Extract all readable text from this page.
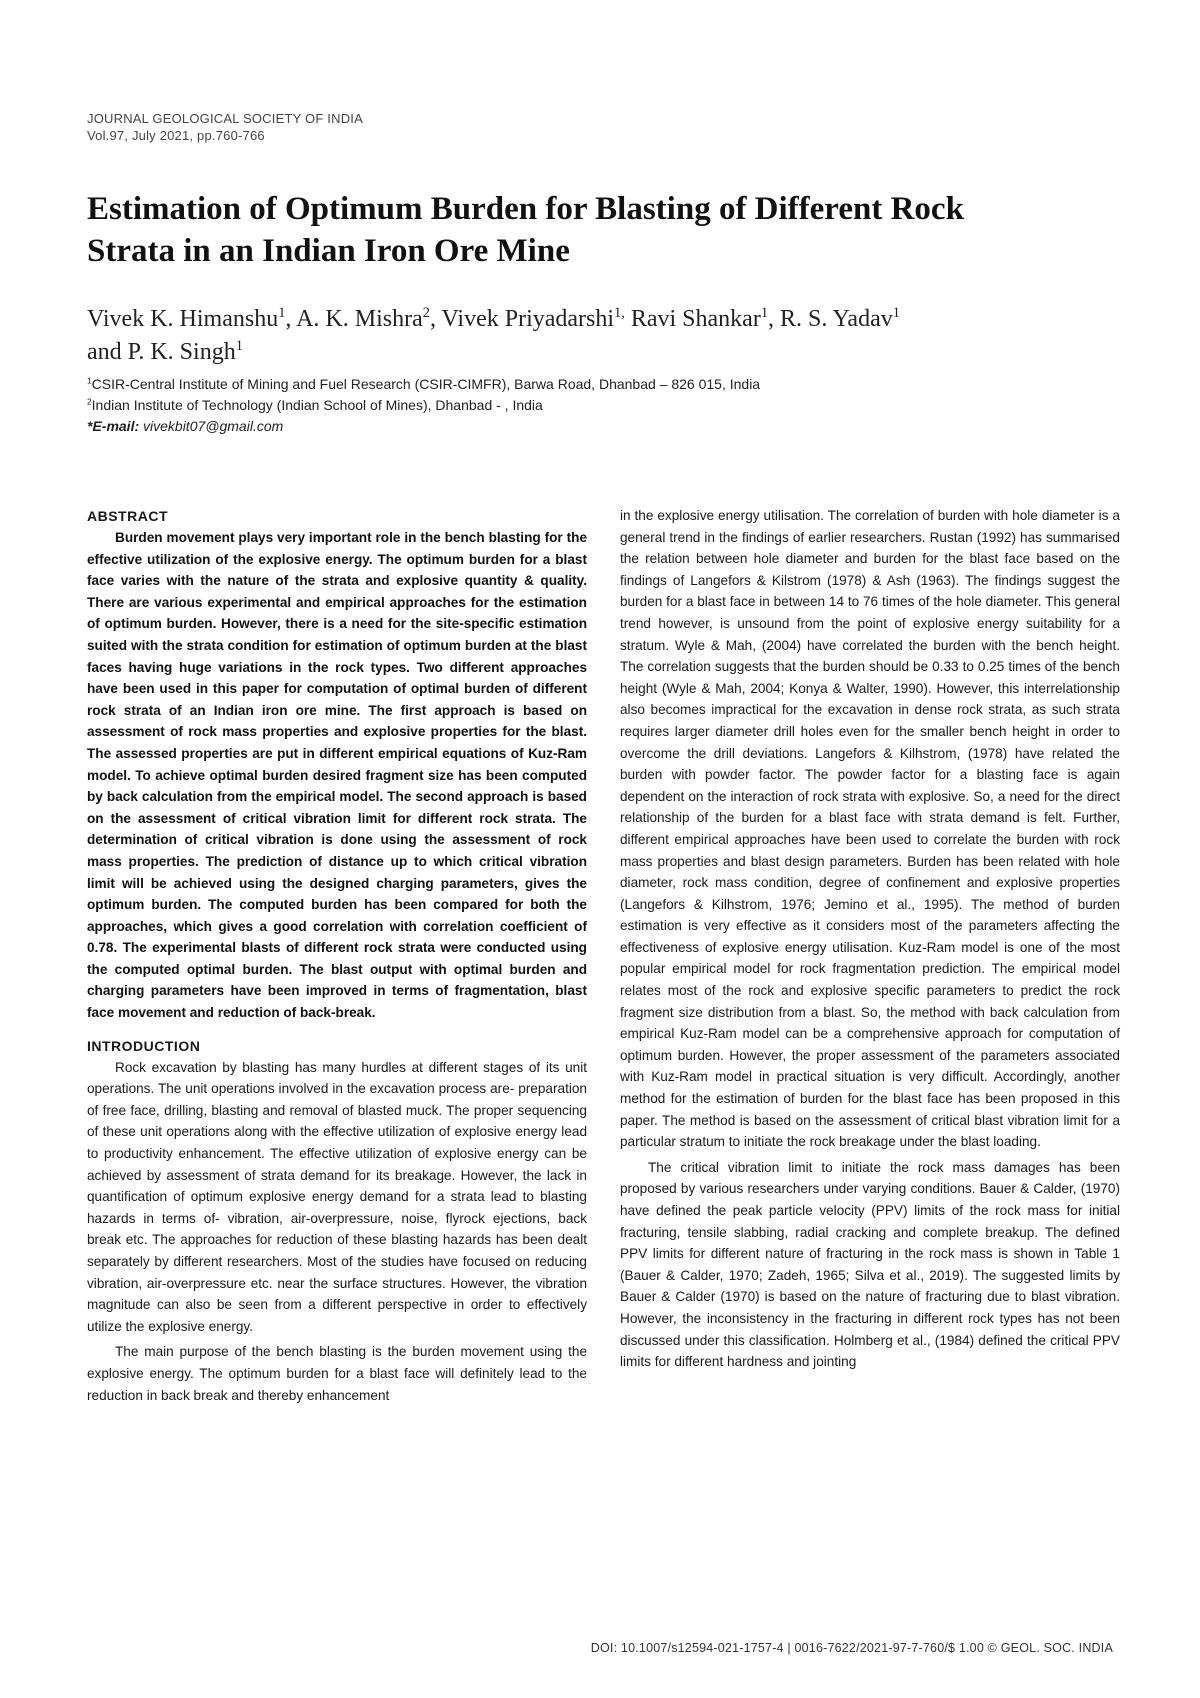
JOURNAL GEOLOGICAL SOCIETY OF INDIA
Vol.97, July 2021, pp.760-766
Estimation of Optimum Burden for Blasting of Different Rock
Strata in an Indian Iron Ore Mine
Vivek K. Himanshu$^1$, A. K. Mishra$^2$, Vivek Priyadarshi$^{1,}$ Ravi Shankar$^1$, R. S. Yadav$^1$
and P. K. Singh$^1$
$^1$CSIR-Central Institute of Mining and Fuel Research (CSIR-CIMFR), Barwa Road, Dhanbad – 826 015, India
$^2$Indian Institute of Technology (Indian School of Mines), Dhanbad - , India
*E-mail: vivekbit07@gmail.com
ABSTRACT

Burden movement plays very important role in the bench blasting for the effective utilization of the explosive energy. The optimum burden for a blast face varies with the nature of the strata and explosive quantity & quality. There are various experimental and empirical approaches for the estimation of optimum burden. However, there is a need for the site-specific estimation suited with the strata condition for estimation of optimum burden at the blast faces having huge variations in the rock types. Two different approaches have been used in this paper for computation of optimal burden of different rock strata of an Indian iron ore mine. The first approach is based on assessment of rock mass properties and explosive properties for the blast. The assessed properties are put in different empirical equations of Kuz-Ram model. To achieve optimal burden desired fragment size has been computed by back calculation from the empirical model. The second approach is based on the assessment of critical vibration limit for different rock strata. The determination of critical vibration is done using the assessment of rock mass properties. The prediction of distance up to which critical vibration limit will be achieved using the designed charging parameters, gives the optimum burden. The computed burden has been compared for both the approaches, which gives a good correlation with correlation coefficient of 0.78. The experimental blasts of different rock strata were conducted using the computed optimal burden. The blast output with optimal burden and charging parameters have been improved in terms of fragmentation, blast face movement and reduction of back-break.

INTRODUCTION

Rock excavation by blasting has many hurdles at different stages of its unit operations. The unit operations involved in the excavation process are- preparation of free face, drilling, blasting and removal of blasted muck. The proper sequencing of these unit operations along with the effective utilization of explosive energy lead to productivity enhancement. The effective utilization of explosive energy can be achieved by assessment of strata demand for its breakage. However, the lack in quantification of optimum explosive energy demand for a strata lead to blasting hazards in terms of- vibration, air-overpressure, noise, flyrock ejections, back break etc. The approaches for reduction of these blasting hazards has been dealt separately by different researchers. Most of the studies have focused on reducing vibration, air-overpressure etc. near the surface structures. However, the vibration magnitude can also be seen from a different perspective in order to effectively utilize the explosive energy.

The main purpose of the bench blasting is the burden movement using the explosive energy. The optimum burden for a blast face will definitely lead to the reduction in back break and thereby enhancement

in the explosive energy utilisation. The correlation of burden with hole diameter is a general trend in the findings of earlier researchers. Rustan (1992) has summarised the relation between hole diameter and burden for the blast face based on the findings of Langefors & Kilstrom (1978) & Ash (1963). The findings suggest the burden for a blast face in between 14 to 76 times of the hole diameter. This general trend however, is unsound from the point of explosive energy suitability for a stratum. Wyle & Mah, (2004) have correlated the burden with the bench height. The correlation suggests that the burden should be 0.33 to 0.25 times of the bench height (Wyle & Mah, 2004; Konya & Walter, 1990). However, this interrelationship also becomes impractical for the excavation in dense rock strata, as such strata requires larger diameter drill holes even for the smaller bench height in order to overcome the drill deviations. Langefors & Kilhstrom, (1978) have related the burden with powder factor. The powder factor for a blasting face is again dependent on the interaction of rock strata with explosive. So, a need for the direct relationship of the burden for a blast face with strata demand is felt. Further, different empirical approaches have been used to correlate the burden with rock mass properties and blast design parameters. Burden has been related with hole diameter, rock mass condition, degree of confinement and explosive properties (Langefors & Kilhstrom, 1976; Jemino et al., 1995). The method of burden estimation is very effective as it considers most of the parameters affecting the effectiveness of explosive energy utilisation. Kuz-Ram model is one of the most popular empirical model for rock fragmentation prediction. The empirical model relates most of the rock and explosive specific parameters to predict the rock fragment size distribution from a blast. So, the method with back calculation from empirical Kuz-Ram model can be a comprehensive approach for computation of optimum burden. However, the proper assessment of the parameters associated with Kuz-Ram model in practical situation is very difficult. Accordingly, another method for the estimation of burden for the blast face has been proposed in this paper. The method is based on the assessment of critical blast vibration limit for a particular stratum to initiate the rock breakage under the blast loading.

The critical vibration limit to initiate the rock mass damages has been proposed by various researchers under varying conditions. Bauer & Calder, (1970) have defined the peak particle velocity (PPV) limits of the rock mass for initial fracturing, tensile slabbing, radial cracking and complete breakup. The defined PPV limits for different nature of fracturing in the rock mass is shown in Table 1 (Bauer & Calder, 1970; Zadeh, 1965; Silva et al., 2019). The suggested limits by Bauer & Calder (1970) is based on the nature of fracturing due to blast vibration. However, the inconsistency in the fracturing in different rock types has not been discussed under this classification. Holmberg et al., (1984) defined the critical PPV limits for different hardness and jointing

DOI: 10.1007/s12594-021-1757-4 | 0016-7622/2021-97-7-760/$ 1.00 © GEOL. SOC. INDIA
